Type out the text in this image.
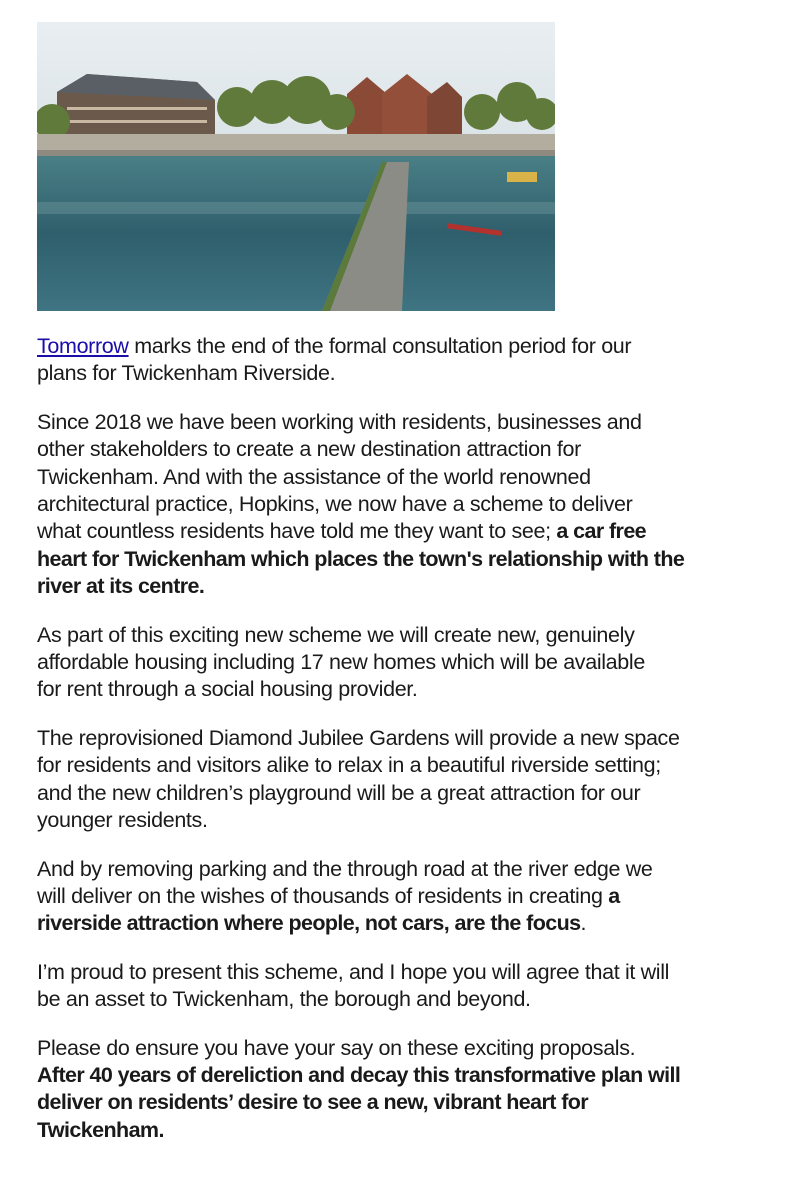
Tomorrow marks the end of the formal consultation period for our
plans for Twickenham Riverside.

Since 2018 we have been working with residents, businesses and
other stakeholders to create a new destination attraction for
Twickenham. And with the assistance of the world renowned
architectural practice, Hopkins, we now have a scheme to deliver
what countless residents have told me they want to see; a car free
heart for Twickenham which places the town's relationship with the
river at its centre.

As part of this exciting new scheme we will create new, genuinely
affordable housing including 17 new homes which will be available
for rent through a social housing provider.

The reprovisioned Diamond Jubilee Gardens will provide a new space
for residents and visitors alike to relax in a beautiful riverside setting;
and the new children’s playground will be a great attraction for our
younger residents.

And by removing parking and the through road at the river edge we
will deliver on the wishes of thousands of residents in creating a
riverside attraction where people, not cars, are the focus.

I’m proud to present this scheme, and I hope you will agree that it will
be an asset to Twickenham, the borough and beyond.

Please do ensure you have your say on these exciting proposals.
After 40 years of dereliction and decay this transformative plan will
deliver on residents’ desire to see a new, vibrant heart for
Twickenham.
